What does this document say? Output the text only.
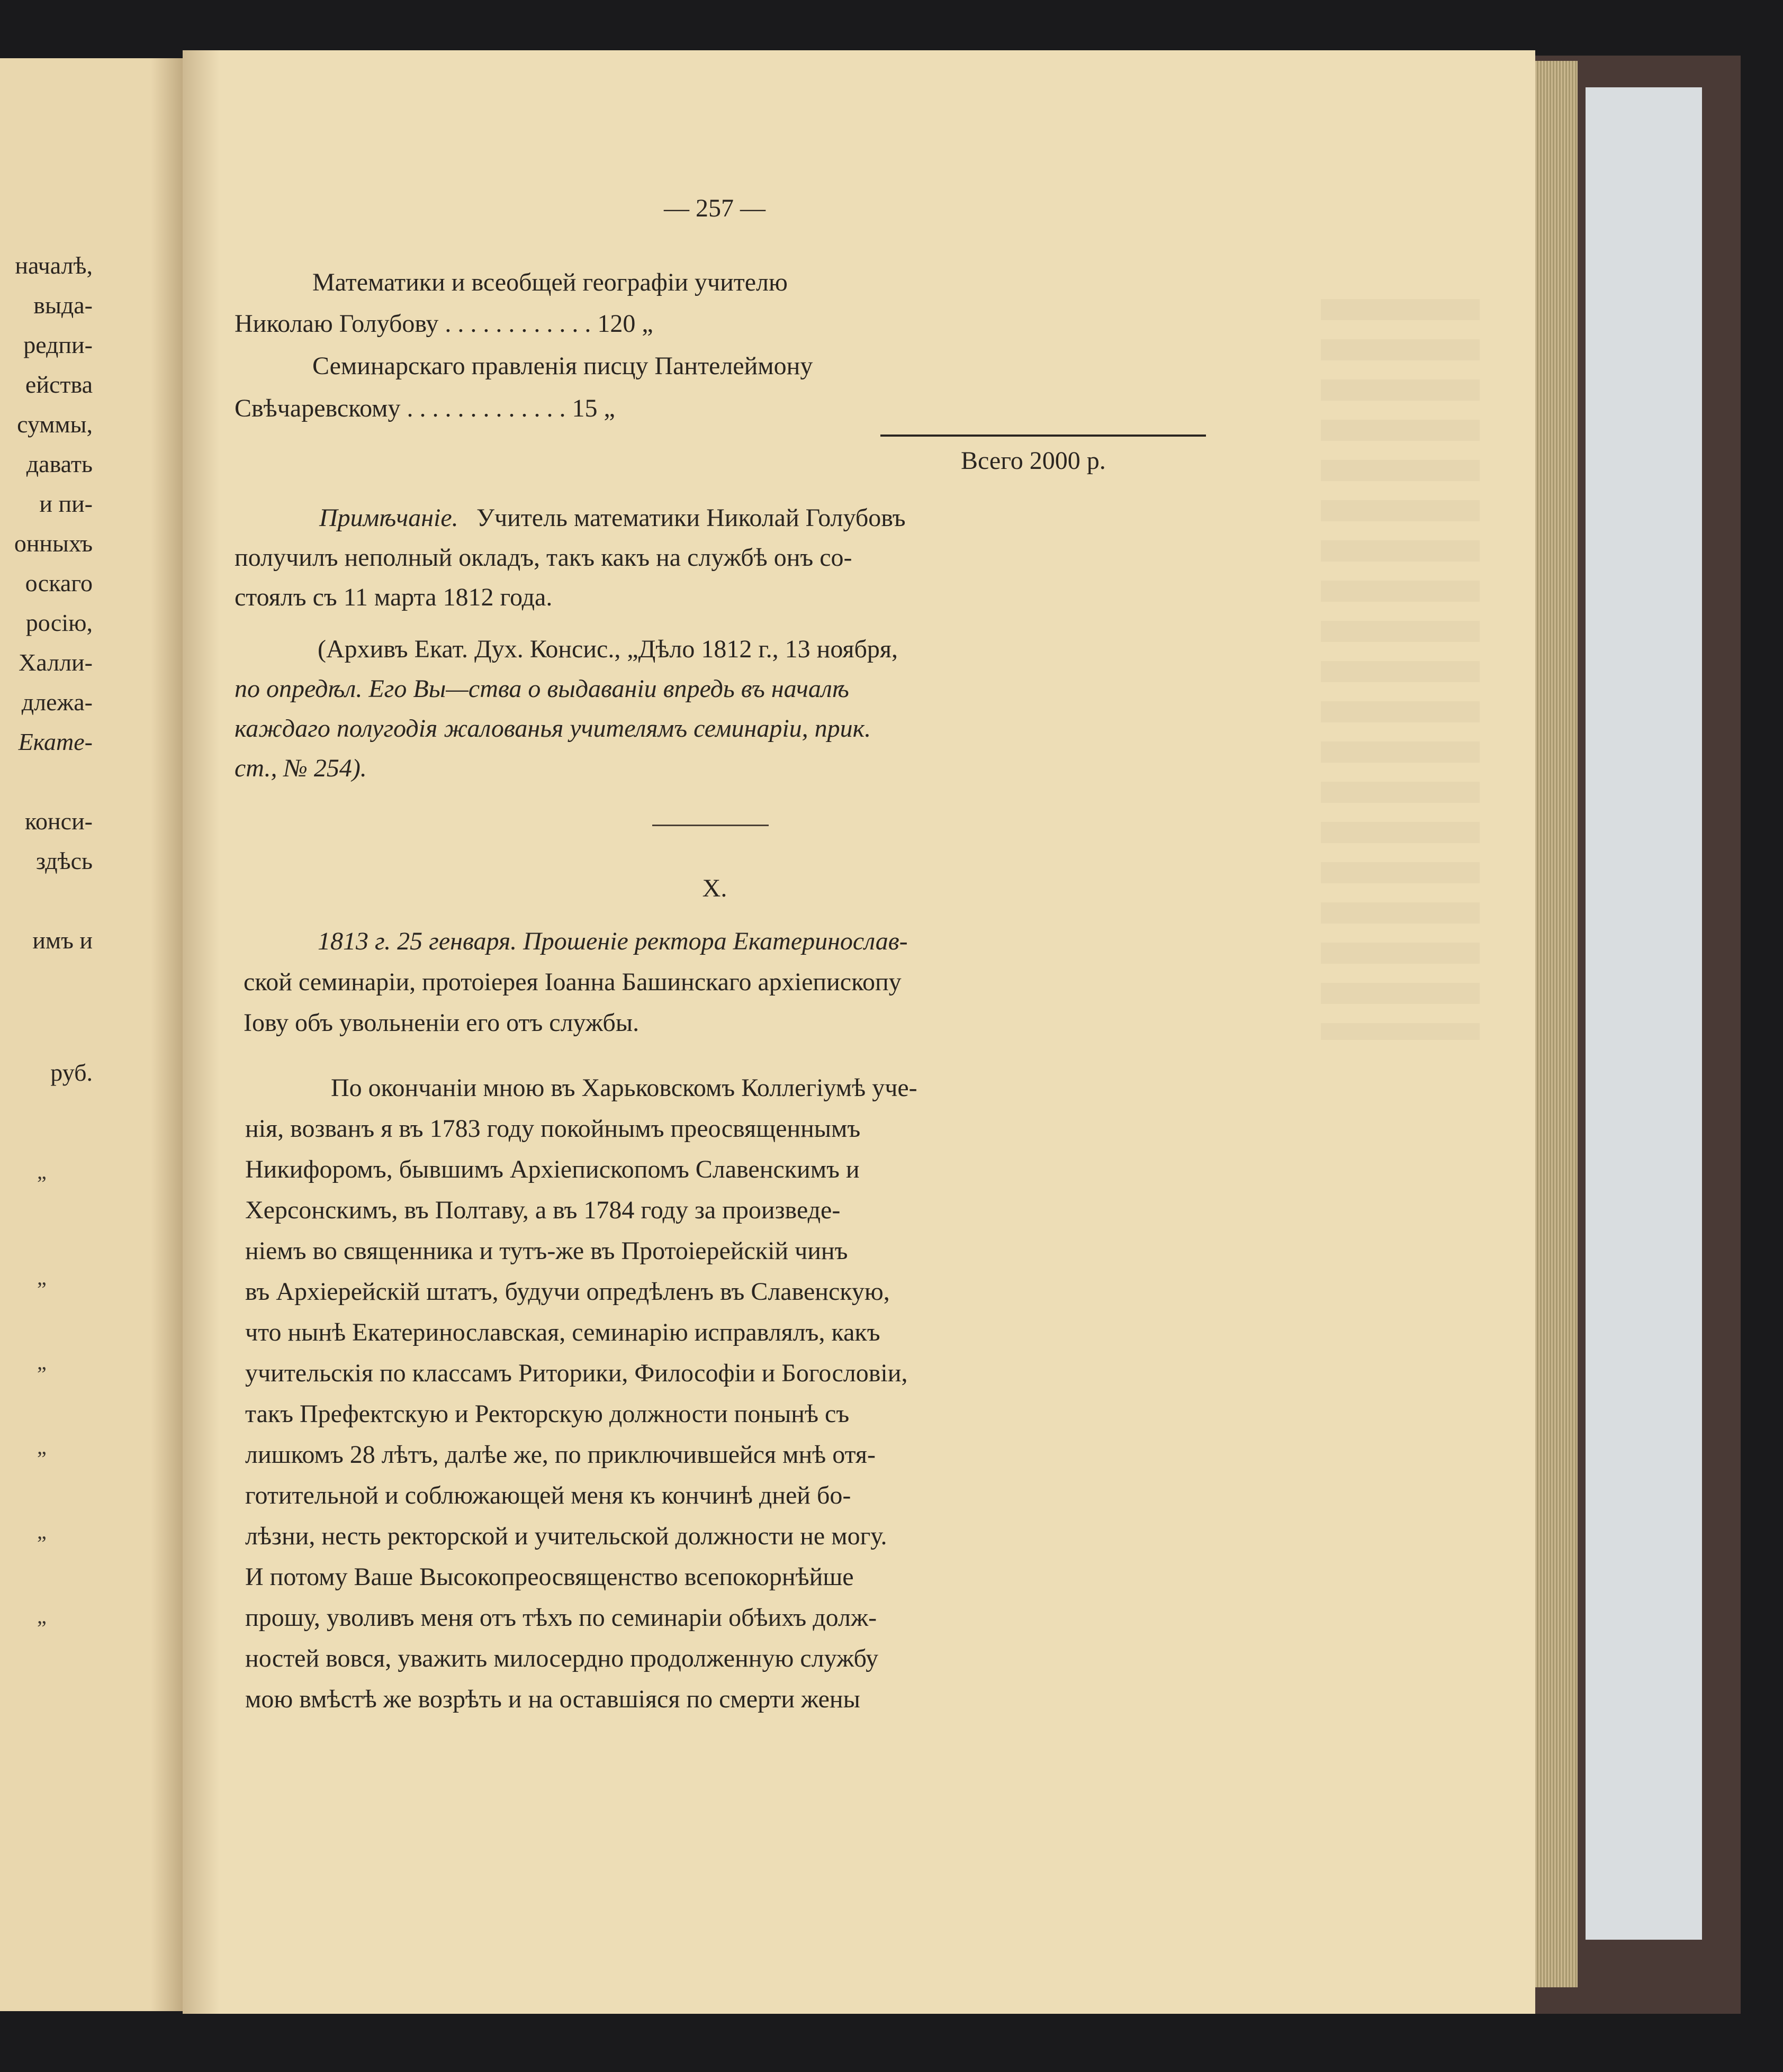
началѣ,
выда-
редпи-
ейства
суммы,
давать
и пи-
онныхъ
оскаго
росію,
Халли-
длежа-
Екате-
конси-
здѣсь
имъ и
руб.
„
„
„
„
„
„
— 257 —
Математики и всеобщей географіи учителю
Николаю Голубову . . . . . . . . . . . . 120 „
Семинарскаго правленія писцу Пантелеймону
Свѣчаревскому . . . . . . . . . . . . . 15 „
Всего 2000 р.
Примѣчаніе. Учитель математики Николай Голубовъ
получилъ неполный окладъ, такъ какъ на службѣ онъ со-
стоялъ съ 11 марта 1812 года.
(Архивъ Екат. Дух. Консис., „Дѣло 1812 г., 13 ноября,
по опредѣл. Его Вы—ства о выдаваніи впредь въ началѣ
каждаго полугодія жалованья учителямъ семинаріи, прик.
ст., № 254).
X.
1813 г. 25 генваря. Прошеніе ректора Екатеринослав-
ской семинаріи, протоіерея Іоанна Башинскаго архіепископу
Іову объ увольненіи его отъ службы.
По окончаніи мною въ Харьковскомъ Коллегіумѣ уче-
нія, возванъ я въ 1783 году покойнымъ преосвященнымъ
Никифоромъ, бывшимъ Архіепископомъ Славенскимъ и
Херсонскимъ, въ Полтаву, а въ 1784 году за произведе-
ніемъ во священника и тутъ-же въ Протоіерейскій чинъ
въ Архіерейскій штатъ, будучи опредѣленъ въ Славенскую,
что нынѣ Екатеринославская, семинарію исправлялъ, какъ
учительскія по классамъ Риторики, Философіи и Богословіи,
такъ Префектскую и Ректорскую должности понынѣ съ
лишкомъ 28 лѣтъ, далѣе же, по приключившейся мнѣ отя-
готительной и соблюжающей меня къ кончинѣ дней бо-
лѣзни, несть ректорской и учительской должности не могу.
И потому Ваше Высокопреосвященство всепокорнѣйше
прошу, уволивъ меня отъ тѣхъ по семинаріи обѣихъ долж-
ностей вовся, уважить милосердно продолженную службу
мою вмѣстѣ же возрѣть и на оставшіяся по смерти жены
